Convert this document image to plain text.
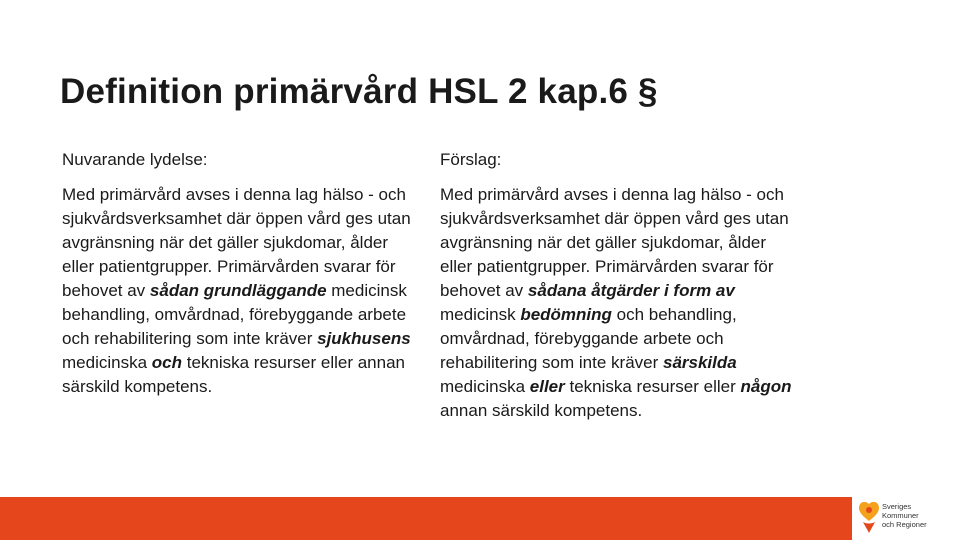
Definition primärvård HSL 2 kap.6 §
Nuvarande lydelse:	Förslag:
Med primärvård avses i denna lag hälso - och sjukvårdsverksamhet där öppen vård ges utan avgränsning när det gäller sjukdomar, ålder eller patientgrupper. Primärvården svarar för behovet av sådan grundläggande medicinsk behandling, omvårdnad, förebyggande arbete och rehabilitering som inte kräver sjukhusens medicinska och tekniska resurser eller annan särskild kompetens.
Med primärvård avses i denna lag hälso - och sjukvårdsverksamhet där öppen vård ges utan avgränsning när det gäller sjukdomar, ålder eller patientgrupper. Primärvården svarar för behovet av sådana åtgärder i form av medicinsk bedömning och behandling, omvårdnad, förebyggande arbete och rehabilitering som inte kräver särskilda medicinska eller tekniska resurser eller någon annan särskild kompetens.
Sveriges
Kommuner
och Regioner
